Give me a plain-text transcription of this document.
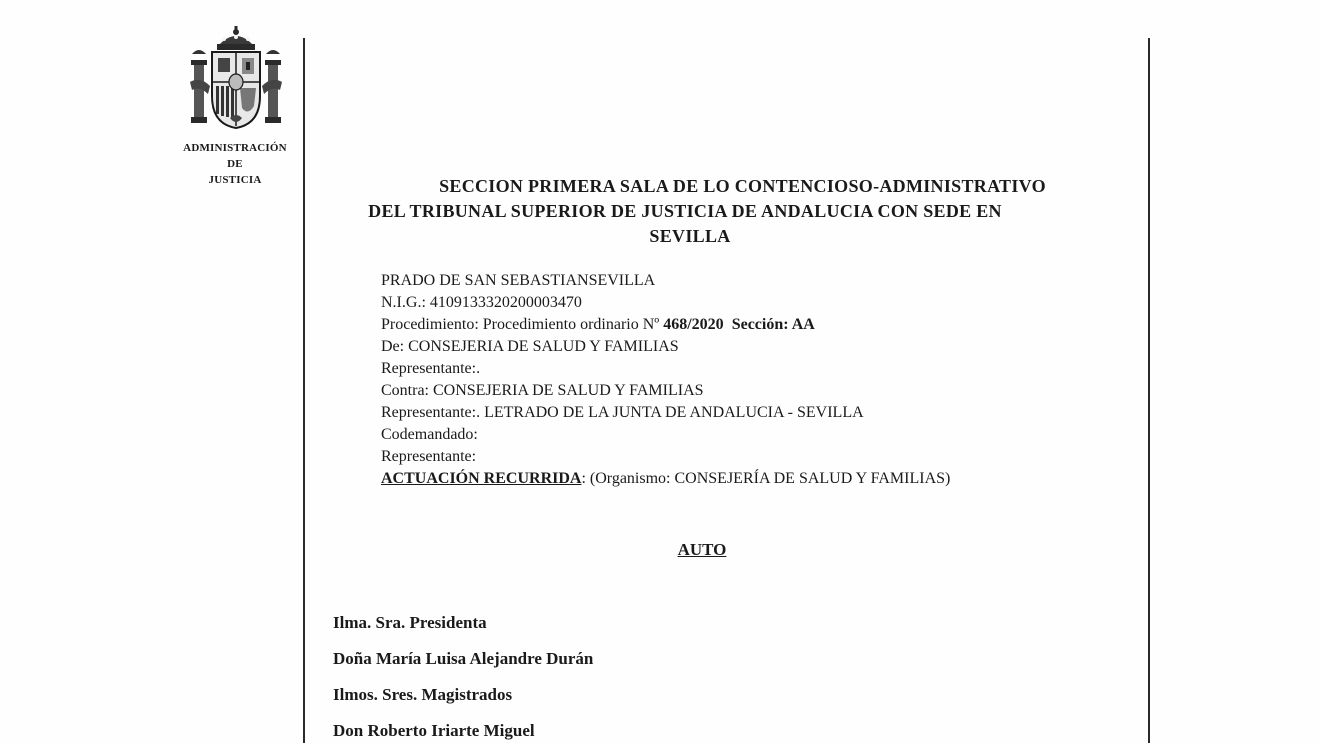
ADMINISTRACIÓN
DE
JUSTICIA	SECCION PRIMERA SALA DE LO CONTENCIOSO-ADMINISTRATIVO
DEL TRIBUNAL SUPERIOR DE JUSTICIA DE ANDALUCIA CON SEDE EN
SEVILLA
PRADO DE SAN SEBASTIANSEVILLA
N.I.G.: 4109133320200003470
Procedimiento: Procedimiento ordinario Nº 468/2020  Sección: AA
De: CONSEJERIA DE SALUD Y FAMILIAS
Representante:.
Contra: CONSEJERIA DE SALUD Y FAMILIAS
Representante:. LETRADO DE LA JUNTA DE ANDALUCIA - SEVILLA
Codemandado:
Representante:
ACTUACIÓN RECURRIDA: (Organismo: CONSEJERÍA DE SALUD Y FAMILIAS)
AUTO
Ilma. Sra. Presidenta
Doña María Luisa Alejandre Durán
Ilmos. Sres. Magistrados
Don Roberto Iriarte Miguel
